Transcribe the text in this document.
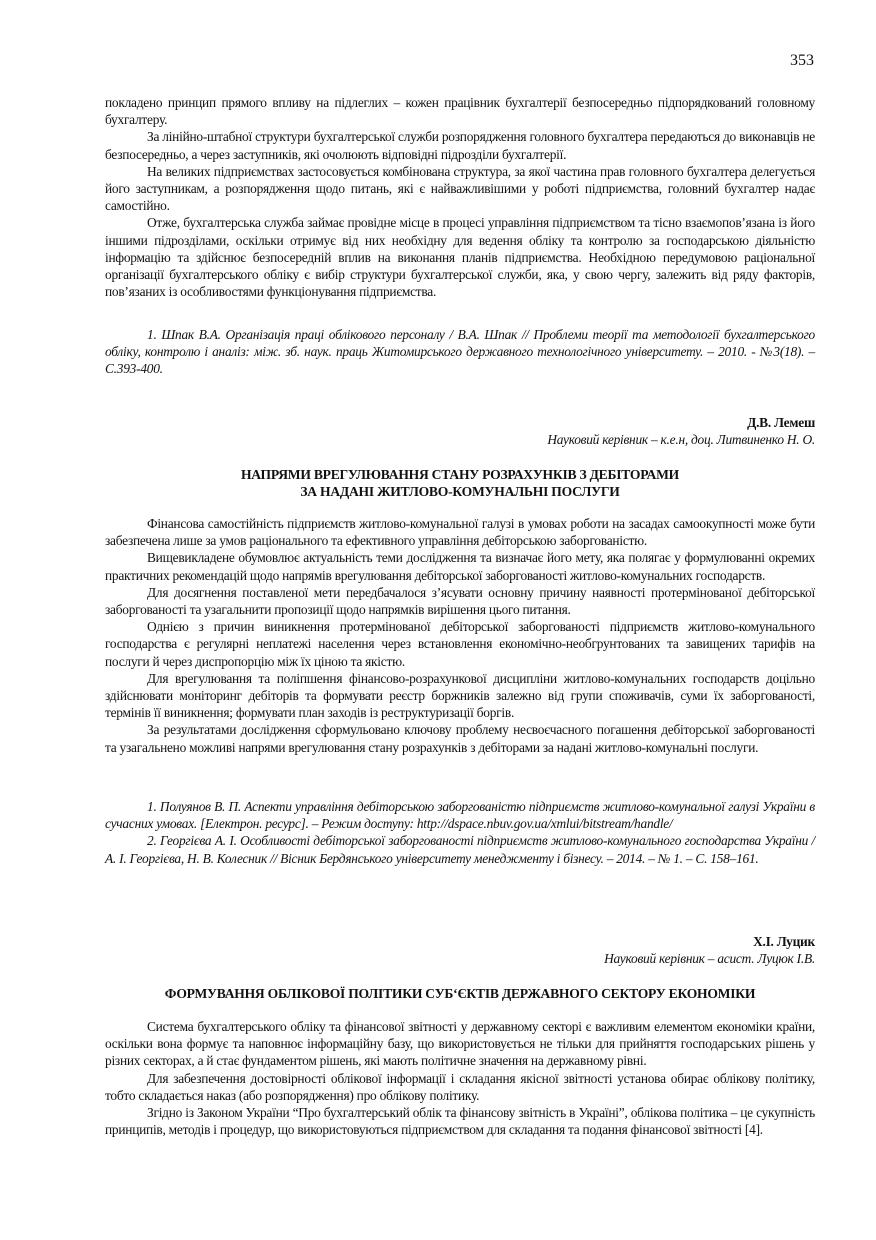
353

покладено принцип прямого впливу на підлеглих – кожен працівник бухгалтерії безпосередньо підпорядкований головному бухгалтеру.

За лінійно-штабної структури бухгалтерської служби розпорядження головного бухгалтера передаються до виконавців не безпосередньо, а через заступників, які очолюють відповідні підрозділи бухгалтерії.

На великих підприємствах застосовується комбінована структура, за якої частина прав головного бухгалтера делегується його заступникам, а розпорядження щодо питань, які є найважливішими у роботі підприємства, головний бухгалтер надає самостійно.

Отже, бухгалтерська служба займає провідне місце в процесі управління підприємством та тісно взаємопов’язана із його іншими підрозділами, оскільки отримує від них необхідну для ведення обліку та контролю за господарською діяльністю інформацію та здійснює безпосередній вплив на виконання планів підприємства. Необхідною передумовою раціональної організації бухгалтерського обліку є вибір структури бухгалтерської служби, яка, у свою чергу, залежить від ряду факторів, пов’язаних із особливостями функціонування підприємства.

1. Шпак В.А. Організація праці облікового персоналу / В.А. Шпак // Проблеми теорії та методології бухгалтерського обліку, контролю і аналіз: між. зб. наук. праць Житомирського державного технологічного університету. – 2010. - №3(18). – С.393-400.

Д.В. Лемеш

Науковий керівник – к.е.н, доц. Литвиненко Н. О.

НАПРЯМИ ВРЕГУЛЮВАННЯ СТАНУ РОЗРАХУНКІВ З ДЕБІТОРАМИ

ЗА НАДАНІ ЖИТЛОВО-КОМУНАЛЬНІ ПОСЛУГИ

Фінансова самостійність підприємств житлово-комунальної галузі в умовах роботи на засадах самоокупності може бути забезпечена лише за умов раціонального та ефективного управління дебіторською заборгованістю.

Вищевикладене обумовлює актуальність теми дослідження та визначає його мету, яка полягає у формулюванні окремих практичних рекомендацій щодо напрямів врегулювання дебіторської заборгованості житлово-комунальних господарств.

Для досягнення поставленої мети передбачалося з’ясувати основну причину наявності протермінованої дебіторської заборгованості та узагальнити пропозиції щодо напрямків вирішення цього питання.

Однією з причин виникнення протермінованої дебіторської заборгованості підприємств житлово-комунального господарства є регулярні неплатежі населення через встановлення економічно-необгрунтованих та завищених тарифів на послуги й через диспропорцію між їх ціною та якістю.

Для врегулювання та поліпшення фінансово-розрахункової дисципліни житлово-комунальних господарств доцільно здійснювати моніторинг дебіторів та формувати реєстр боржників залежно від групи споживачів, суми їх заборгованості, термінів її виникнення; формувати план заходів із реструктуризації боргів.

За результатами дослідження сформульовано ключову проблему несвоєчасного погашення дебіторської заборгованості та узагальнено можливі напрями врегулювання стану розрахунків з дебіторами за надані житлово-комунальні послуги.

1. Полуянов В. П. Аспекти управління дебіторською заборгованістю підприємств житлово-комунальної галузі України в сучасних умовах. [Електрон. ресурс]. – Режим доступу: http://dspace.nbuv.gov.ua/xmlui/bitstream/handle/

2. Георгієва А. І. Особливості дебіторської заборгованості підприємств житлово-комунального господарства України / А. І. Георгієва, Н. В. Колесник // Вісник Бердянського університету менеджменту і бізнесу. – 2014. – № 1. – С. 158–161.

Х.І. Луцик

Науковий керівник – асист. Луцюк І.В.

ФОРМУВАННЯ ОБЛІКОВОЇ ПОЛІТИКИ СУБ‘ЄКТІВ ДЕРЖАВНОГО СЕКТОРУ ЕКОНОМІКИ

Система бухгалтерського обліку та фінансової звітності у державному секторі є важливим елементом економіки країни, оскільки вона формує та наповнює інформаційну базу, що використовується не тільки для прийняття господарських рішень у різних секторах, а й стає фундаментом рішень, які мають політичне значення на державному рівні.

Для забезпечення достовірності облікової інформації і складання якісної звітності установа обирає облікову політику, тобто складається наказ (або розпорядження) про облікову політику.

Згідно із Законом України “Про бухгалтерський облік та фінансову звітність в Україні”, облікова політика – це сукупність принципів, методів і процедур, що використовуються підприємством для складання та подання фінансової звітності [4].
